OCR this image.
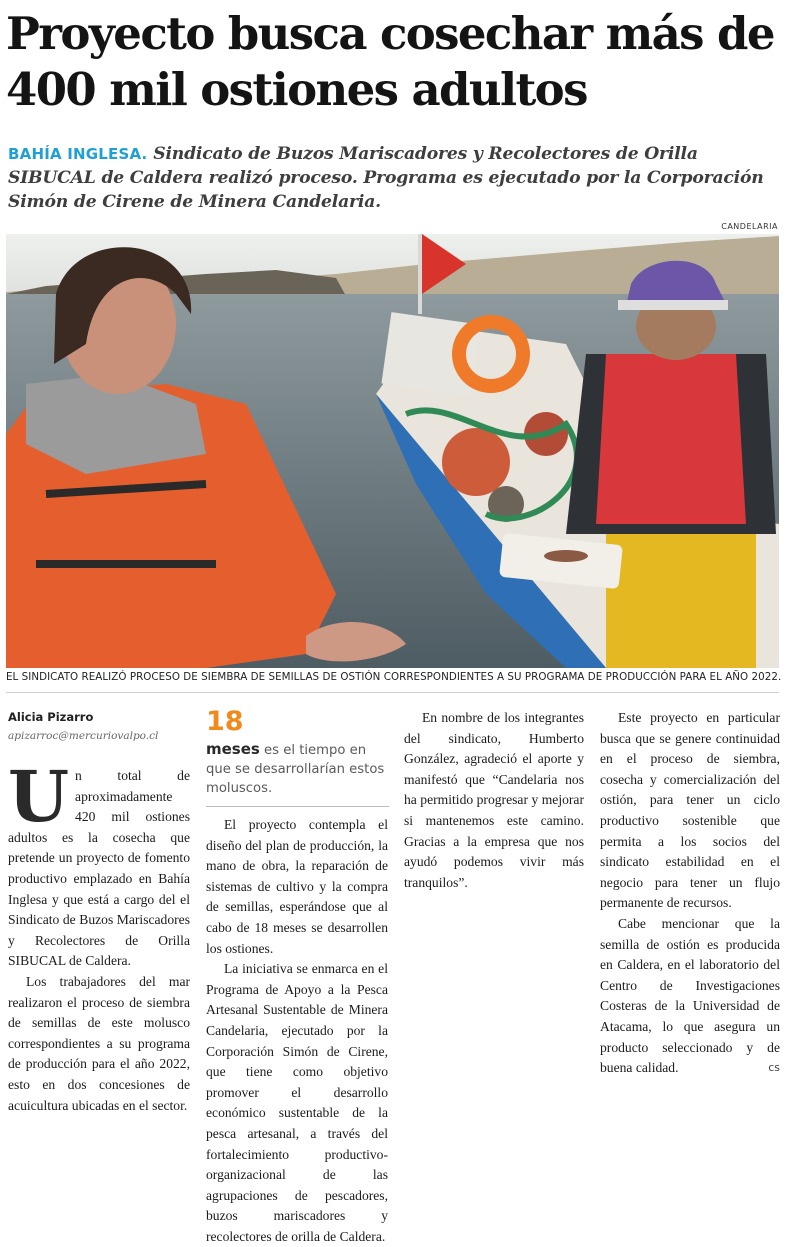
Proyecto busca cosechar más de 400 mil ostiones adultos
BAHÍA INGLESA. Sindicato de Buzos Mariscadores y Recolectores de Orilla SIBUCAL de Caldera realizó proceso. Programa es ejecutado por la Corporación Simón de Cirene de Minera Candelaria.
CANDELARIA
EL SINDICATO REALIZÓ PROCESO DE SIEMBRA DE SEMILLAS DE OSTIÓN CORRESPONDIENTES A SU PROGRAMA DE PRODUCCIÓN PARA EL AÑO 2022.
Alicia Pizarro
apizarroc@mercuriovalpo.cl

Un total de aproximadamente 420 mil ostiones adultos es la cosecha que pretende un proyecto de fomento productivo emplazado en Bahía Inglesa y que está a cargo del el Sindicato de Buzos Mariscadores y Recolectores de Orilla SIBUCAL de Caldera.

Los trabajadores del mar realizaron el proceso de siembra de semillas de este molusco correspondientes a su programa de producción para el año 2022, esto en dos concesiones de acuicultura ubicadas en el sector.

18
meses es el tiempo en que se desarrollarían estos moluscos.

El proyecto contempla el diseño del plan de producción, la mano de obra, la reparación de sistemas de cultivo y la compra de semillas, esperándose que al cabo de 18 meses se desarrollen los ostiones.

La iniciativa se enmarca en el Programa de Apoyo a la Pesca Artesanal Sustentable de Minera Candelaria, ejecutado por la Corporación Simón de Cirene, que tiene como objetivo promover el desarrollo económico sustentable de la pesca artesanal, a través del fortalecimiento productivo-organizacional de las agrupaciones de pescadores, buzos mariscadores y recolectores de orilla de Caldera.

En nombre de los integrantes del sindicato, Humberto González, agradeció el aporte y manifestó que “Candelaria nos ha permitido progresar y mejorar si mantenemos este camino. Gracias a la empresa que nos ayudó podemos vivir más tranquilos”.

Este proyecto en particular busca que se genere continuidad en el proceso de siembra, cosecha y comercialización del ostión, para tener un ciclo productivo sostenible que permita a los socios del sindicato estabilidad en el negocio para tener un flujo permanente de recursos.

Cabe mencionar que la semilla de ostión es producida en Caldera, en el laboratorio del Centro de Investigaciones Costeras de la Universidad de Atacama, lo que asegura un producto seleccionado y de buena calidad.	cs
